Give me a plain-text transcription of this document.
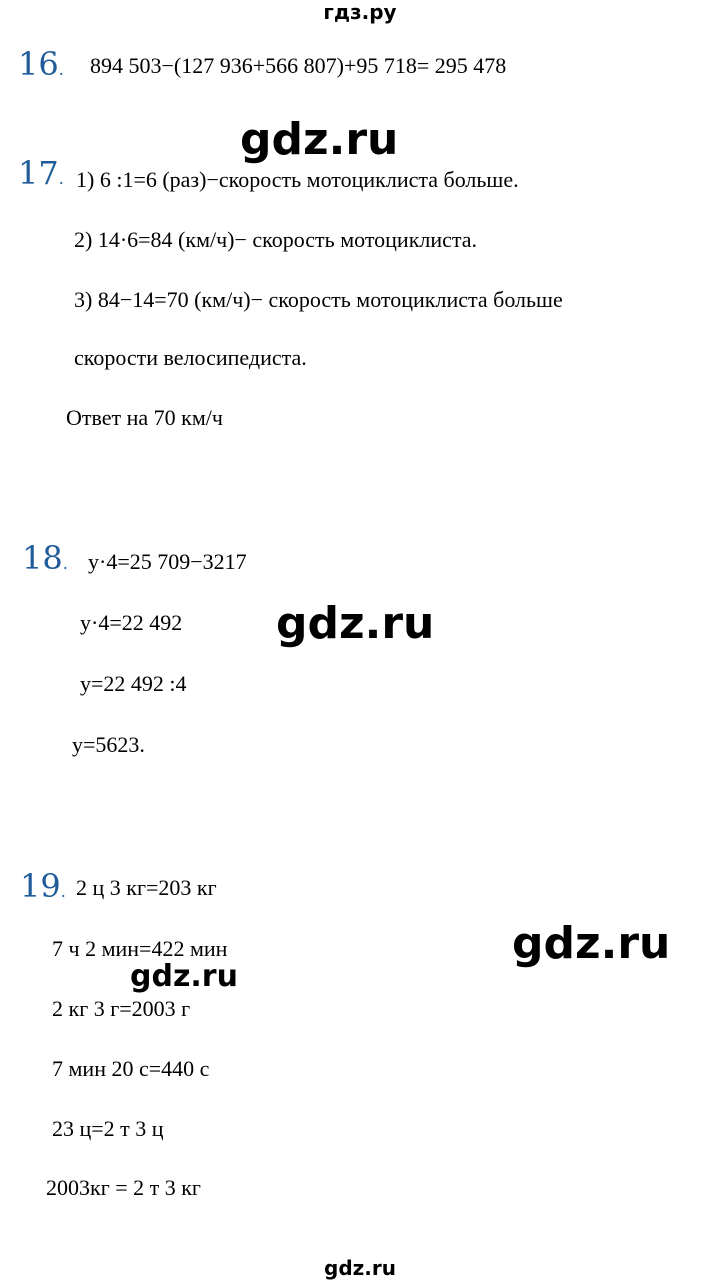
гдз.ру
16. 894 503−(127 936+566 807)+95 718= 295 478
gdz.ru
17. 1) 6 :1=6 (раз)−скорость мотоциклиста больше.
2) 14·6=84 (км/ч)− скорость мотоциклиста.
3) 84−14=70 (км/ч)− скорость мотоциклиста больше
скорости велосипедиста.
Ответ на 70 км/ч
18. у·4=25 709−3217
у·4=22 492
у=22 492 :4
у=5623.
gdz.ru
19. 2 ц 3 кг=203 кг
7 ч 2 мин=422 мин
2 кг 3 г=2003 г
7 мин 20 с=440 с
23 ц=2 т 3 ц
2003кг = 2 т 3 кг
gdz.ru
gdz.ru
gdz.ru
